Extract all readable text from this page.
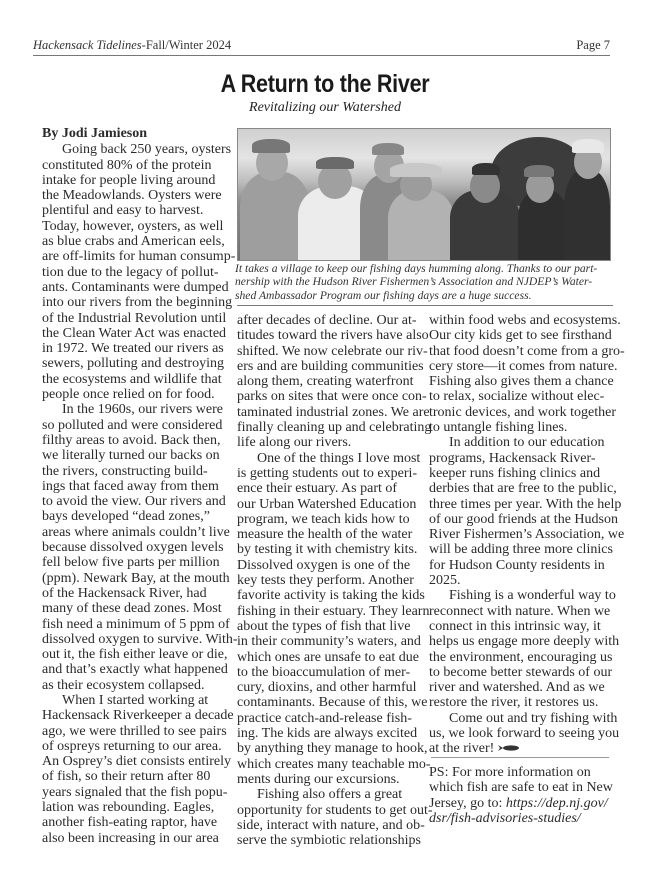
Hackensack Tidelines-Fall/Winter 2024	Page 7
A Return to the River
Revitalizing our Watershed

It takes a village to keep our fishing days humming along. Thanks to our part-

nership with the Hudson River Fishermen’s Association and NJDEP’s Water-

shed Ambassador Program our fishing days are a huge success.

By Jodi Jamieson

Going back 250 years, oysters

constituted 80% of the protein

intake for people living around

the Meadowlands. Oysters were

plentiful and easy to harvest.

Today, however, oysters, as well

as blue crabs and American eels,

are off-limits for human consump-

tion due to the legacy of pollut-

ants. Contaminants were dumped

into our rivers from the beginning

of the Industrial Revolution until

the Clean Water Act was enacted

in 1972. We treated our rivers as

sewers, polluting and destroying

the ecosystems and wildlife that

people once relied on for food.

In the 1960s, our rivers were

so polluted and were considered

filthy areas to avoid. Back then,

we literally turned our backs on

the rivers, constructing build-

ings that faced away from them

to avoid the view. Our rivers and

bays developed “dead zones,”

areas where animals couldn’t live

because dissolved oxygen levels

fell below five parts per million

(ppm). Newark Bay, at the mouth

of the Hackensack River, had

many of these dead zones. Most

fish need a minimum of 5 ppm of

dissolved oxygen to survive. With-

out it, the fish either leave or die,

and that’s exactly what happened

as their ecosystem collapsed.

When I started working at

Hackensack Riverkeeper a decade

ago, we were thrilled to see pairs

of ospreys returning to our area.

An Osprey’s diet consists entirely

of fish, so their return after 80

years signaled that the fish popu-

lation was rebounding. Eagles,

another fish-eating raptor, have

also been increasing in our area

after decades of decline. Our at-

titudes toward the rivers have also

shifted. We now celebrate our riv-

ers and are building communities

along them, creating waterfront

parks on sites that were once con-

taminated industrial zones. We are

finally cleaning up and celebrating

life along our rivers.

One of the things I love most

is getting students out to experi-

ence their estuary. As part of

our Urban Watershed Education

program, we teach kids how to

measure the health of the water

by testing it with chemistry kits.

Dissolved oxygen is one of the

key tests they perform. Another

favorite activity is taking the kids

fishing in their estuary. They learn

about the types of fish that live

in their community’s waters, and

which ones are unsafe to eat due

to the bioaccumulation of mer-

cury, dioxins, and other harmful

contaminants. Because of this, we

practice catch-and-release fish-

ing. The kids are always excited

by anything they manage to hook,

which creates many teachable mo-

ments during our excursions.

Fishing also offers a great

opportunity for students to get out-

side, interact with nature, and ob-

serve the symbiotic relationships

within food webs and ecosystems.

Our city kids get to see firsthand

that food doesn’t come from a gro-

cery store—it comes from nature.

Fishing also gives them a chance

to relax, socialize without elec-

tronic devices, and work together

to untangle fishing lines.

In addition to our education

programs, Hackensack River-

keeper runs fishing clinics and

derbies that are free to the public,

three times per year. With the help

of our good friends at the Hudson

River Fishermen’s Association, we

will be adding three more clinics

for Hudson County residents in

2025.

Fishing is a wonderful way to

reconnect with nature. When we

connect in this intrinsic way, it

helps us engage more deeply with

the environment, encouraging us

to become better stewards of our

river and watershed. And as we

restore the river, it restores us.

Come out and try fishing with

us, we look forward to seeing you

at the river!

PS: For more information on

which fish are safe to eat in New

Jersey, go to: https://dep.nj.gov/

dsr/fish-advisories-studies/
